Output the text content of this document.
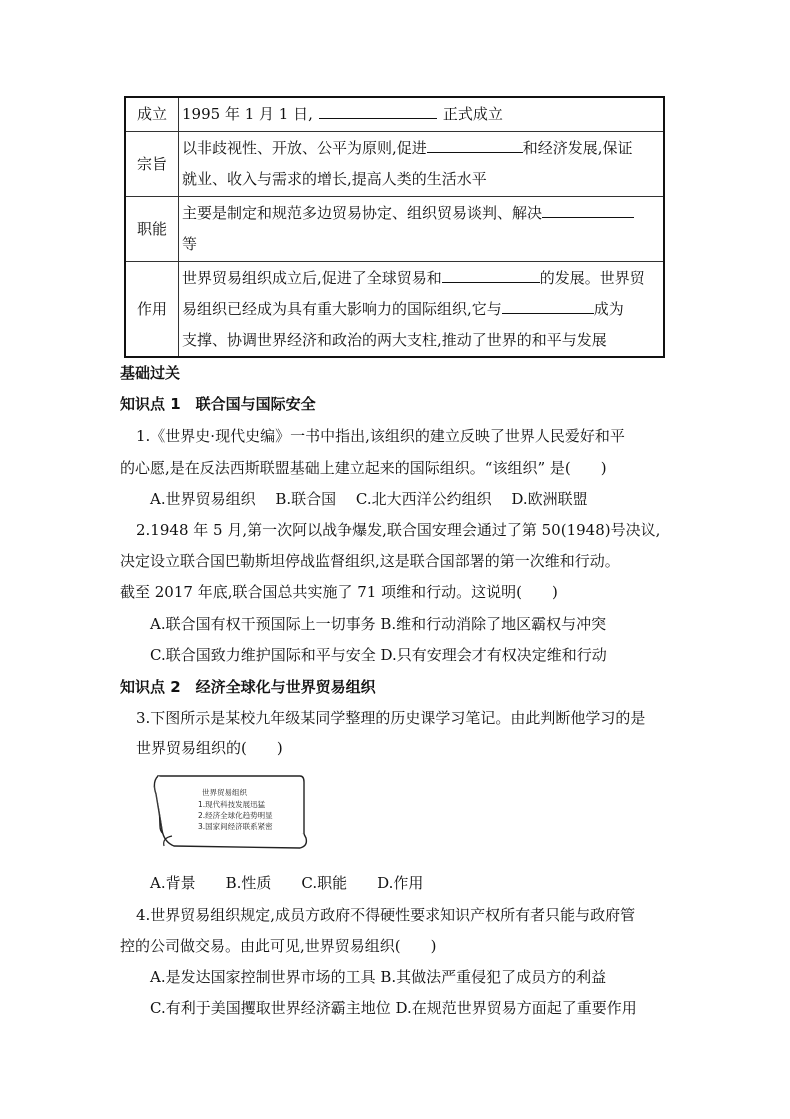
成立	1995 年 1 月 1 日, 正式成立
宗旨	以非歧视性、开放、公平为原则,促进 和经济发展,保证
就业、收入与需求的增长,提高人类的生活水平
职能	主要是制定和规范多边贸易协定、组织贸易谈判、解决
等
作用	世界贸易组织成立后,促进了全球贸易和 的发展。世界贸
易组织已经成为具有重大影响力的国际组织,它与 成为
支撑、协调世界经济和政治的两大支柱,推动了世界的和平与发展
基础过关
知识点 1　联合国与国际安全
1.《世界史·现代史编》一书中指出,该组织的建立反映了世界人民爱好和平
的心愿,是在反法西斯联盟基础上建立起来的国际组织。“该组织” 是(　　)
A.世界贸易组织　 B.联合国　 C.北大西洋公约组织　 D.欧洲联盟
2.1948 年 5 月,第一次阿以战争爆发,联合国安理会通过了第 50(1948)号决议,
决定设立联合国巴勒斯坦停战监督组织,这是联合国部署的第一次维和行动。
截至 2017 年底,联合国总共实施了 71 项维和行动。这说明(　　)
A.联合国有权干预国际上一切事务 B.维和行动消除了地区霸权与冲突
C.联合国致力维护国际和平与安全 D.只有安理会才有权决定维和行动
知识点 2　经济全球化与世界贸易组织
3.下图所示是某校九年级某同学整理的历史课学习笔记。由此判断他学习的是
世界贸易组织的(　　)
世界贸易组织
1.现代科技发展迅猛
2.经济全球化趋势明显
3.国家间经济联系紧密
A.背景　　B.性质　　C.职能　　D.作用
4.世界贸易组织规定,成员方政府不得硬性要求知识产权所有者只能与政府管
控的公司做交易。由此可见,世界贸易组织(　　)
A.是发达国家控制世界市场的工具 B.其做法严重侵犯了成员方的利益
C.有利于美国攫取世界经济霸主地位 D.在规范世界贸易方面起了重要作用
